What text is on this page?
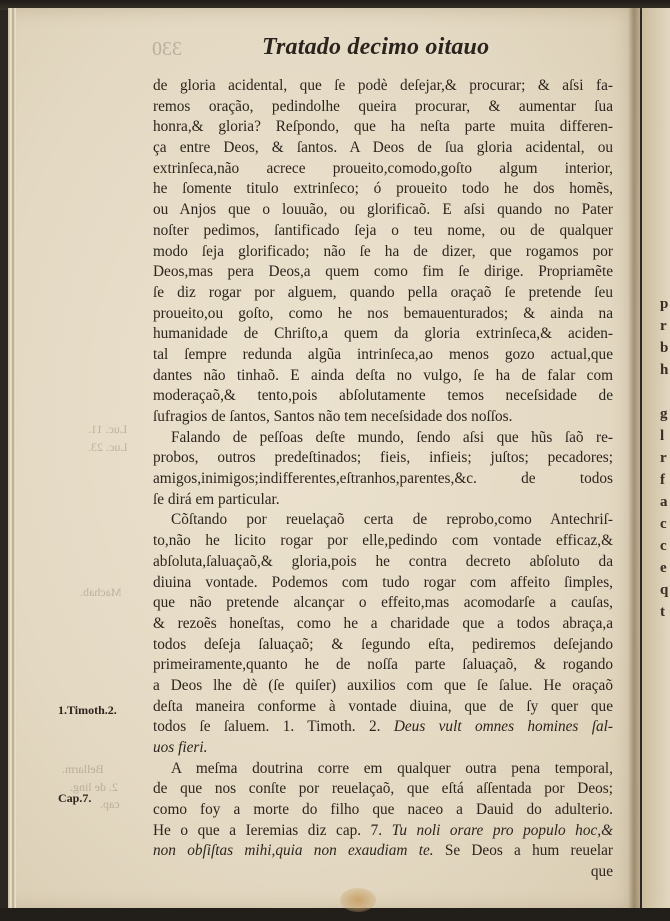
p
r
b
h

g
l
r
f
a
c
c
e
q
t
330
Luc. 11.
Luc. 23.
Machab.
Bellarm.
2. de ling.
cap.
Tratado decimo oitauo
1.Timoth.2.
Cap.7.
de gloria acidental, que ſe podè deſejar,& procurar; & aſsi fa-
remos oração, pedindolhe queira procurar, & aumentar ſua
honra,& gloria? Reſpondo, que ha neſta parte muita differen-
ça entre Deos, & ſantos. A Deos de ſua gloria acidental, ou
extrinſeca,não acrece proueito,comodo,goſto algum interior,
he ſomente titulo extrinſeco; ó proueito todo he dos homẽs,
ou Anjos que o louuão, ou glorificaõ. E aſsi quando no Pater
noſter pedimos, ſantificado ſeja o teu nome, ou de qualquer
modo ſeja glorificado; não ſe ha de dizer, que rogamos por
Deos,mas pera Deos,a quem como fim ſe dirige. Propriamẽte
ſe diz rogar por alguem, quando pella oraçaõ ſe pretende ſeu
proueito,ou goſto, como he nos bemauenturados; & ainda na
humanidade de Chriſto,a quem da gloria extrinſeca,& aciden-
tal ſempre redunda algũa intrinſeca,ao menos gozo actual,que
dantes não tinhaõ. E ainda deſta no vulgo, ſe ha de falar com
moderaçaõ,& tento,pois abſolutamente temos neceſsidade de
ſufragios de ſantos, Santos não tem neceſsidade dos noſſos.
Falando de peſſoas deſte mundo, ſendo aſsi que hũs ſaõ re-
probos, outros predeſtinados; fieis, infieis; juſtos; pecadores;
amigos,inimigos;indifferentes,eſtranhos,parentes,&c. de todos
ſe dirá em particular.
Cõſtando por reuelaçaõ certa de reprobo,como Antechriſ-
to,não he licito rogar por elle,pedindo com vontade efficaz,&
abſoluta,ſaluaçaõ,& gloria,pois he contra decreto abſoluto da
diuina vontade. Podemos com tudo rogar com affeito ſimples,
que não pretende alcançar o effeito,mas acomodarſe a cauſas,
& rezoẽs honeſtas, como he a charidade que a todos abraça,a
todos deſeja ſaluaçaõ; & ſegundo eſta, pediremos deſejando
primeiramente,quanto he de noſſa parte ſaluaçaõ, & rogando
a Deos lhe dè (ſe quiſer) auxilios com que ſe ſalue. He oraçaõ
deſta maneira conforme à vontade diuina, que de ſy quer que
todos ſe ſaluem. 1. Timoth. 2. Deus vult omnes homines ſal-
uos fieri.
A meſma doutrina corre em qualquer outra pena temporal,
de que nos conſte por reuelaçaõ, que eſtá aſſentada por Deos;
como foy a morte do filho que naceo a Dauid do adulterio.
He o que a Ieremias diz cap. 7. Tu noli orare pro populo hoc,&
non obſiſtas mihi,quia non exaudiam te. Se Deos a hum reuelar
que
